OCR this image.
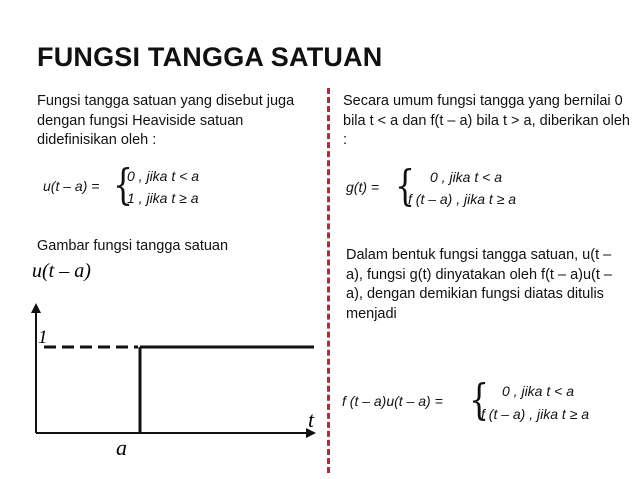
FUNGSI TANGGA SATUAN
Fungsi tangga satuan yang disebut juga dengan fungsi Heaviside satuan didefinisikan oleh :
u(t – a) = {
0 , jika t < a
1 , jika t ≥ a
Gambar fungsi tangga satuan
u(t – a)
1
t
a
Secara umum fungsi tangga yang bernilai 0 bila t < a dan f(t – a) bila t > a, diberikan oleh :
g(t) = { 0 , jika t < a
f (t – a) , jika t ≥ a
Dalam bentuk fungsi tangga satuan, u(t – a), fungsi g(t) dinyatakan oleh f(t – a)u(t – a), dengan demikian fungsi diatas ditulis menjadi
f (t – a)u(t – a) = { 0 , jika t < a
f (t – a) , jika t ≥ a
